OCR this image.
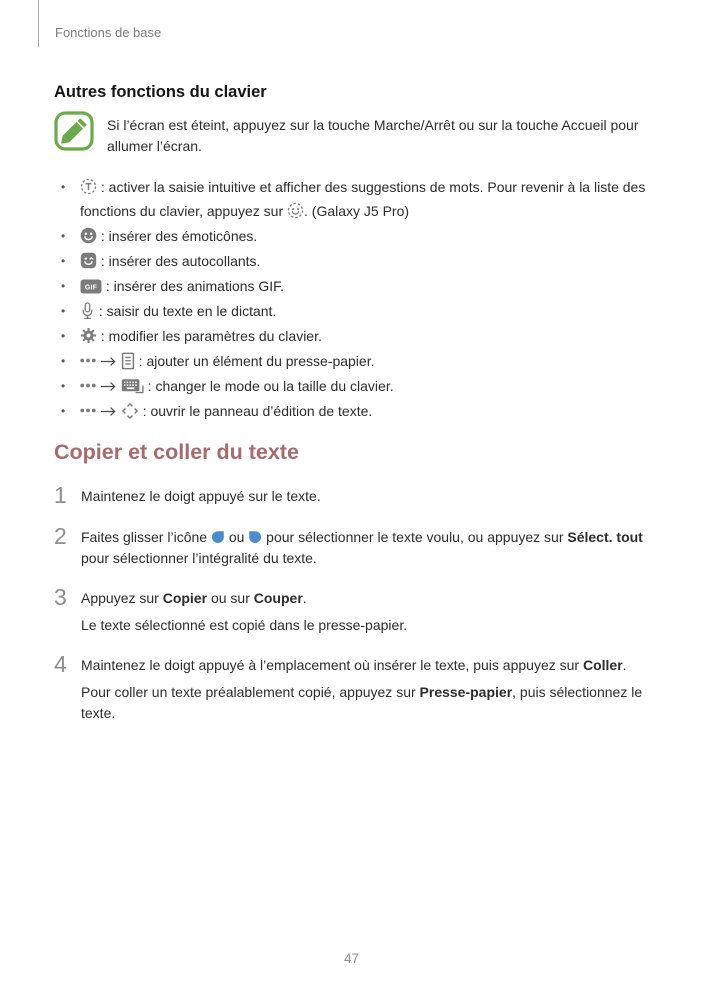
Fonctions de base
Autres fonctions du clavier
Si l’écran est éteint, appuyez sur la touche Marche/Arrêt ou sur la touche Accueil pour allumer l’écran.
• : activer la saisie intuitive et afficher des suggestions de mots. Pour revenir à la liste des fonctions du clavier, appuyez sur . (Galaxy J5 Pro)
• : insérer des émoticônes.
• : insérer des autocollants.
•	GIF : insérer des animations GIF.
• : saisir du texte en le dictant.
• : modifier les paramètres du clavier.
•	: ajouter un élément du presse-papier.
•	: changer le mode ou la taille du clavier.
•	: ouvrir le panneau d’édition de texte.
Copier et coller du texte
1	Maintenez le doigt appuyé sur le texte.

2	Faites glisser l’icône  ou  pour sélectionner le texte voulu, ou appuyez sur Sélect. tout pour sélectionner l’intégralité du texte.

3	Appuyez sur Copier ou sur Couper.

Le texte sélectionné est copié dans le presse-papier.

4	Maintenez le doigt appuyé à l’emplacement où insérer le texte, puis appuyez sur Coller.

Pour coller un texte préalablement copié, appuyez sur Presse-papier, puis sélectionnez le texte.

47
